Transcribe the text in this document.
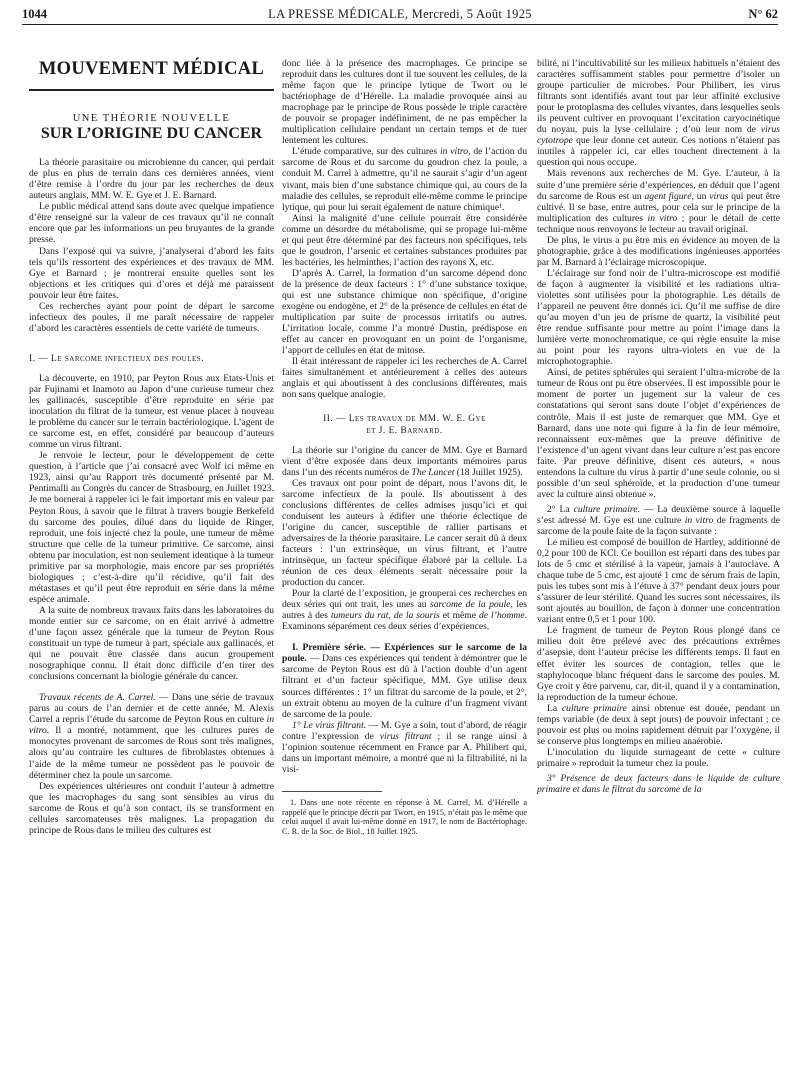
1044	LA PRESSE MÉDICALE, Mercredi, 5 Août 1925	N° 62
MOUVEMENT MÉDICAL
UNE THÉORIE NOUVELLE
SUR L’ORIGINE DU CANCER

La théorie parasitaire ou microbienne du cancer, qui perdait de plus en plus de terrain dans ces dernières années, vient d’être remise à l’ordre du jour par les recherches de deux auteurs anglais, MM. W. E. Gye et J. E. Barnard.

Le public médical attend sans doute avec quelque impatience d’être renseigné sur la valeur de ces travaux qu’il ne connaît encore que par les informations un peu bruyantes de la grande presse.

Dans l’exposé qui va suivre, j’analyserai d’abord les faits tels qu’ils ressortent des expériences et des travaux de MM. Gye et Barnard ; je montrerai ensuite quelles sont les objections et les critiques qui d’ores et déjà me paraissent pouvoir leur être faites.

Ces recherches ayant pour point de départ le sarcome infectieux des poules, il me paraît nécessaire de rappeler d’abord les caractères essentiels de cette variété de tumeurs.

I. — Le sarcome infectieux des poules.

La découverte, en 1910, par Peyton Rous aux Etats-Unis et par Fujinami et Inamoto au Japon d’une curieuse tumeur chez les gallinacés, susceptible d’être reproduite en série par inoculation du filtrat de la tumeur, est venue placer à nouveau le problème du cancer sur le terrain bactériologique. L’agent de ce sarcome est, en effet, considéré par beaucoup d’auteurs comme un virus filtrant.

Je renvoie le lecteur, pour le développement de cette question, à l’article que j’ai consacré avec Wolf ici même en 1923, ainsi qu’au Rapport très documenté présenté par M. Pentimalli au Congrès du cancer de Strasbourg, en Juillet 1923. Je me bornerai à rappeler ici le fait important mis en valeur par Peyton Rous, à savoir que le filtrat à travers bougie Berkefeld du sarcome des poules, dilué dans du liquide de Ringer, reproduit, une fois injecté chez la poule, une tumeur de même structure que celle de la tumeur primitive. Ce sarcome, ainsi obtenu par inoculation, est non seulement identique à la tumeur primitive par sa morphologie, mais encore par ses propriétés biologiques ; c’est-à-dire qu’il récidive, qu’il fait des métastases et qu’il peut être reproduit en série dans la même espèce animale.

A la suite de nombreux travaux faits dans les laboratoires du monde entier sur ce sarcome, on en était arrivé à admettre d’une façon assez générale que la tumeur de Peyton Rous constituait un type de tumeur à part, spéciale aux gallinacés, et qui ne pouvait être classée dans aucun groupement nosographique connu. Il était donc difficile d’en tirer des conclusions concernant la biologie générale du cancer.

Travaux récents de A. Carrel. — Dans une série de travaux parus au cours de l’an dernier et de cette année, M. Alexis Carrel a repris l’étude du sarcome de Peyton Rous en culture in vitro. Il a montré, notamment, que les cultures pures de monocytes provenant de sarcomes de Rous sont très malignes, alors qu’au contraire les cultures de fibroblastes obtenues à l’aide de la même tumeur ne possèdent pas le pouvoir de déterminer chez la poule un sarcome.

Des expériences ultérieures ont conduit l’auteur à admettre que les macrophages du sang sont sensibles au virus du sarcome de Rous et qu’à son contact, ils se transforment en cellules sarcomateuses très malignes. La propagation du principe de Rous dans le milieu des cultures est

donc liée à la présence des macrophages. Ce principe se reproduit dans les cultures dont il tue souvent les cellules, de la même façon que le principe lytique de Twort ou le bactériophage de d’Hérelle. La maladie provoquée ainsi au macrophage par le principe de Rous possède le triple caractère de pouvoir se propager indéfiniment, de ne pas empêcher la multiplication cellulaire pendant un certain temps et de tuer lentement les cultures.

L’étude comparative, sur des cultures in vitro, de l’action du sarcome de Rous et du sarcome du goudron chez la poule, a conduit M. Carrel à admettre, qu’il ne saurait s’agir d’un agent vivant, mais bien d’une substance chimique qui, au cours de la maladie des cellules, se reproduit elle-même comme le principe lytique, qui pour lui serait également de nature chimique¹.

Ainsi la malignité d’une cellule pourrait être considérée comme un désordre du métabolisme, qui se propage lui-même et qui peut être déterminé par des facteurs non spécifiques, tels que le goudron, l’arsenic et certaines substances produites par les bactéries, les helminthes, l’action des rayons X, etc.

D’après A. Carrel, la formation d’un sarcome dépend donc de la présence de deux facteurs : 1° d’une substance toxique, qui est une substance chimique non spécifique, d’origine exogène ou endogène, et 2° de la présence de cellules en état de multiplication par suite de processus irritatifs ou autres. L’irritation locale, comme l’a montré Dustin, prédispose en effet au cancer en provoquant en un point de l’organisme, l’apport de cellules en état de mitose.

Il était intéressant de rappeler ici les recherches de A. Carrel faites simultanément et antérieurement à celles des auteurs anglais et qui aboutissent à des conclusions différentes, mais non sans quelque analogie.

II. — Les travaux de MM. W. E. Gye
et J. E. Barnard.

La théorie sur l’origine du cancer de MM. Gye et Barnard vient d’être exposée dans deux importants mémoires parus dans l’un des récents numéros de The Lancet (18 Juillet 1925).

Ces travaux ont pour point de départ, nous l’avons dit, le sarcome infectieux de la poule. Ils aboutissent à des conclusions différentes de celles admises jusqu’ici et qui conduisent les auteurs à édifier une théorie éclectique de l’origine du cancer, susceptible de rallier partisans et adversaires de la théorie parasitaire. Le cancer serait dû à deux facteurs : l’un extrinsèque, un virus filtrant, et l’autre intrinsèque, un facteur spécifique élaboré par la cellule. La réunion de ces deux éléments serait nécessaire pour la production du cancer.

Pour la clarté de l’exposition, je grouperai ces recherches en deux séries qui ont trait, les unes au sarcome de la poule, les autres à des tumeurs du rat, de la souris et même de l’homme. Examinons séparément ces deux séries d’expériences.

I. Première série. — Expériences sur le sarcome de la poule. — Dans ces expériences qui tendent à démontrer que le sarcome de Peyton Rous est dû à l’action double d’un agent filtrant et d’un facteur spécifique, MM. Gye utilise deux sources différentes : 1° un filtrat du sarcome de la poule, et 2°, un extrait obtenu au moyen de la culture d’un fragment vivant de sarcome de la poule.

1° Le virus filtrant. — M. Gye a soin, tout d’abord, de réagir contre l’expression de virus filtrant ; il se range ainsi à l’opinion soutenue récemment en France par A. Philibert qui, dans un important mémoire, a montré que ni la filtrabilité, ni la visi-

1. Dans une note récente en réponse à M. Carrel, M. d’Hérelle a rappelé que le principe décrit par Twort, en 1915, n’était pas le même que celui auquel il avait lui-même donné en 1917, le nom de Bactériophage. C. R. de la Soc. de Biol., 18 Juillet 1925.

bilité, ni l’incultivabilité sur les milieux habituels n’étaient des caractères suffisamment stables pour permettre d’isoler un groupe particulier de microbes. Pour Philibert, les virus filtrants sont identifiés avant tout par leur affinité exclusive pour le protoplasma des cellules vivantes, dans lesquelles seuls ils peuvent cultiver en provoquant l’excitation caryocinétique du noyau, puis la lyse cellulaire ; d’où leur nom de virus cytotrope que leur donne cet auteur. Ces notions n’étaient pas inutiles à rappeler ici, car elles touchent directement à la question qui nous occupe.

Mais revenons aux recherches de M. Gye. L’auteur, à la suite d’une première série d’expériences, en déduit que l’agent du sarcome de Rous est un agent figuré, un virus qui peut être cultivé. Il se base, entre autres, pour cela sur le principe de la multiplication des cultures in vitro ; pour le détail de cette technique nous renvoyons le lecteur au travail original.

De plus, le virus a pu être mis en évidence au moyen de la photographie, grâce à des modifications ingénieuses apportées par M. Barnard à l’éclairage microscopique.

L’éclairage sur fond noir de l’ultra-microscope est modifié de façon à augmenter la visibilité et les radiations ultra-violettes sont utilisées pour la photographie. Les détails de l’appareil ne peuvent être donnés ici. Qu’il me suffise de dire qu’au moyen d’un jeu de prisme de quartz, la visibilité peut être rendue suffisante pour mettre au point l’image dans la lumière verte monochromatique, ce qui règle ensuite la mise au point pour les rayons ultra-violets en vue de la microphotographie.

Ainsi, de petites sphérules qui seraient l’ultra-microbe de la tumeur de Rous ont pu être observées. Il est impossible pour le moment de porter un jugement sur la valeur de ces constatations qui seront sans doute l’objet d’expériences de contrôle. Mais il est juste de remarquer que MM. Gye et Barnard, dans une note qui figure à la fin de leur mémoire, reconnaissent eux-mêmes que la preuve définitive de l’existence d’un agent vivant dans leur culture n’est pas encore faite. Par preuve définitive, disent ces auteurs, « nous entendons la culture du virus à partir d’une seule colonie, ou si possible d’un seul sphéroïde, et la production d’une tumeur avec la culture ainsi obtenue ».

2° La culture primaire. — La deuxième source à laquelle s’est adressé M. Gye est une culture in vitro de fragments de sarcome de la poule faite de la façon suivante :

Le milieu est composé de bouillon de Hartley, additionné de 0,2 pour 100 de KCl. Ce bouillon est réparti dans des tubes par lots de 5 cmc et stérilisé à la vapeur, jamais à l’autoclave. A chaque tube de 5 cmc, est ajouté 1 cmc de sérum frais de lapin, puis les tubes sont mis à l’étuve à 37° pendant deux jours pour s’assurer de leur stérilité. Quand les sucres sont nécessaires, ils sont ajoutés au bouillon, de façon à donner une concentration variant entre 0,5 et 1 pour 100.

Le fragment de tumeur de Peyton Rous plongé dans ce milieu doit être prélevé avec des précautions extrêmes d’asepsie, dont l’auteur précise les différents temps. Il faut en effet éviter les sources de contagion, telles que le staphylocoque blanc fréquent dans le sarcome des poules. M. Gye croit y être parvenu, car, dit-il, quand il y a contamination, la reproduction de la tumeur échoue.

La culture primaire ainsi obtenue est douée, pendant un temps variable (de deux à sept jours) de pouvoir infectant ; ce pouvoir est plus ou moins rapidement détruit par l’oxygène, il se conserve plus longtemps en milieu anaérobie.

L’inoculation du liquide surnageant de cette « culture primaire » reproduit la tumeur chez la poule.

3° Présence de deux facteurs dans le liquide de culture primaire et dans le filtrat du sarcome de la
